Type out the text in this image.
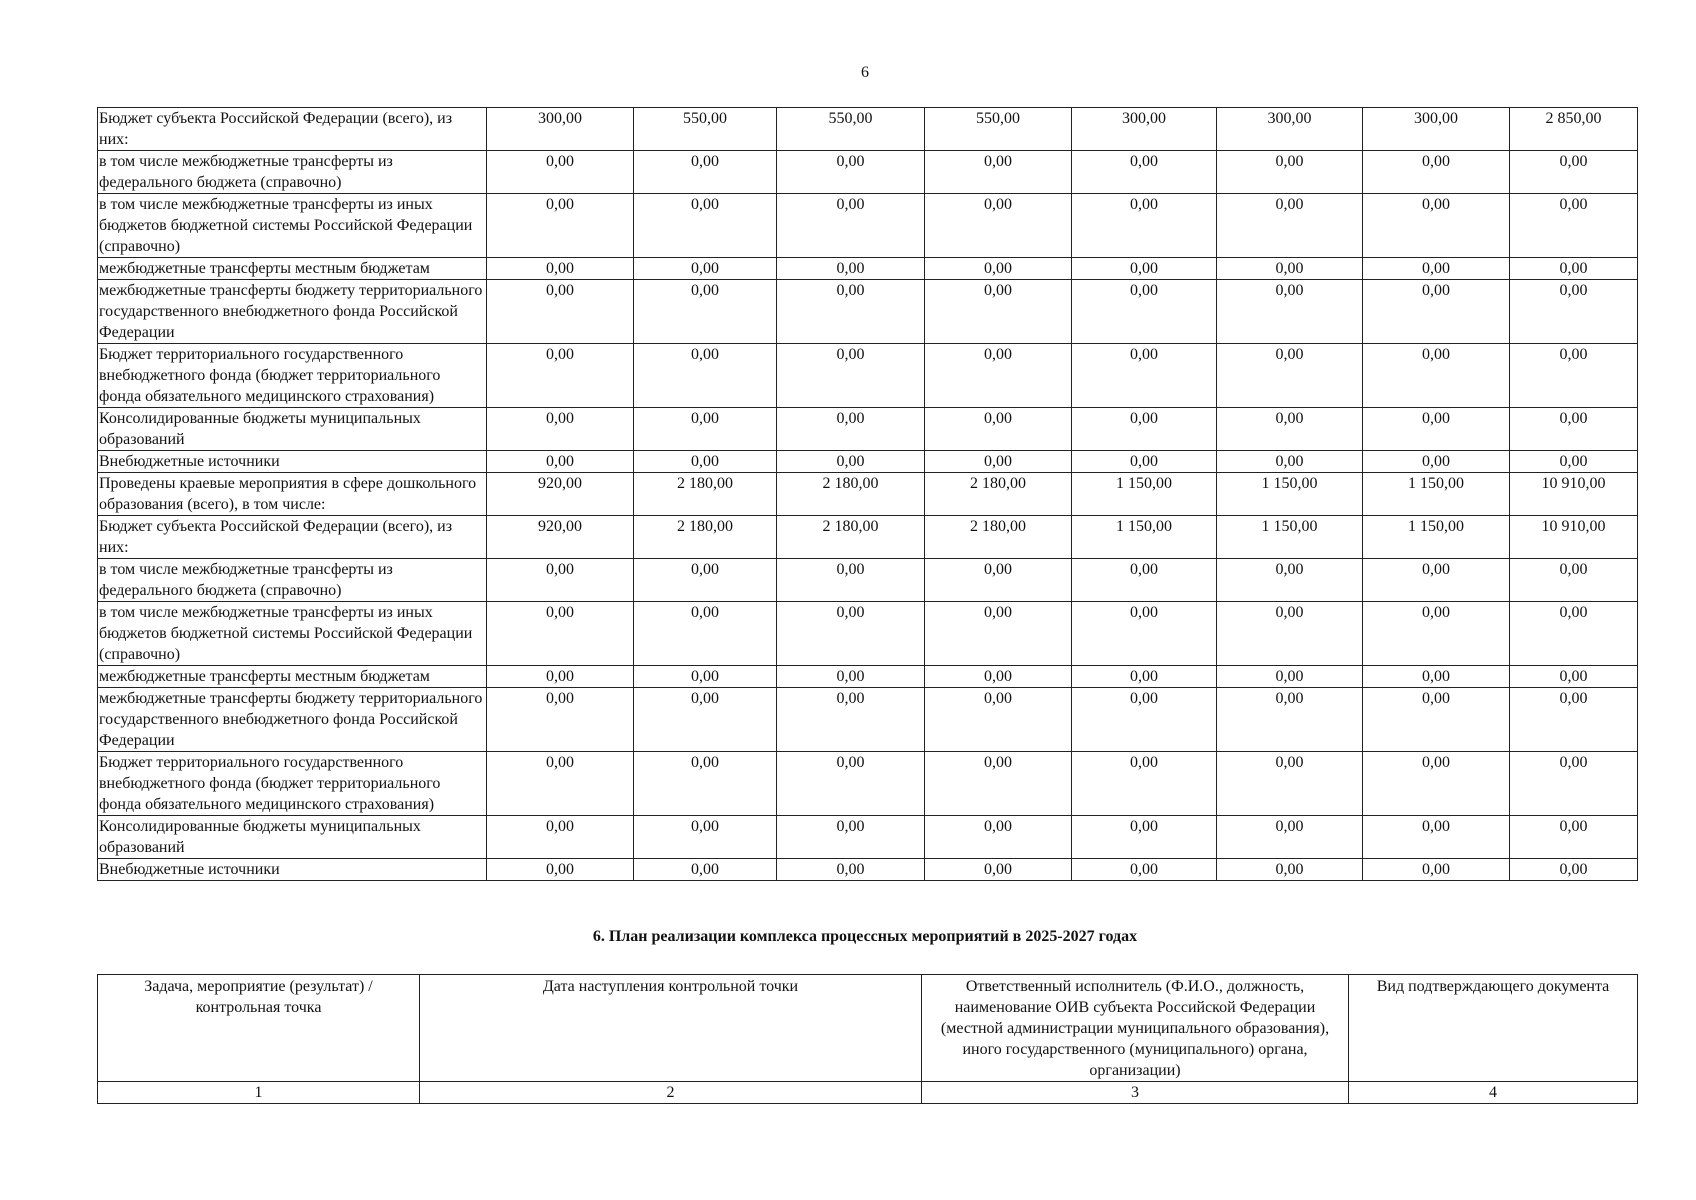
6
Бюджет субъекта Российской Федерации (всего), из них:	300,00	550,00	550,00	550,00	300,00	300,00	300,00	2 850,00
в том числе межбюджетные трансферты из федерального бюджета (справочно)	0,00	0,00	0,00	0,00	0,00	0,00	0,00	0,00
в том числе межбюджетные трансферты из иных бюджетов бюджетной системы Российской Федерации (справочно)	0,00	0,00	0,00	0,00	0,00	0,00	0,00	0,00
межбюджетные трансферты местным бюджетам	0,00	0,00	0,00	0,00	0,00	0,00	0,00	0,00
межбюджетные трансферты бюджету территориального государственного внебюджетного фонда Российской Федерации	0,00	0,00	0,00	0,00	0,00	0,00	0,00	0,00
Бюджет территориального государственного внебюджетного фонда (бюджет территориального фонда обязательного медицинского страхования)	0,00	0,00	0,00	0,00	0,00	0,00	0,00	0,00
Консолидированные бюджеты муниципальных образований	0,00	0,00	0,00	0,00	0,00	0,00	0,00	0,00
Внебюджетные источники	0,00	0,00	0,00	0,00	0,00	0,00	0,00	0,00
Проведены краевые мероприятия в сфере дошкольного образования (всего), в том числе:	920,00	2 180,00	2 180,00	2 180,00	1 150,00	1 150,00	1 150,00	10 910,00
Бюджет субъекта Российской Федерации (всего), из них:	920,00	2 180,00	2 180,00	2 180,00	1 150,00	1 150,00	1 150,00	10 910,00
в том числе межбюджетные трансферты из федерального бюджета (справочно)	0,00	0,00	0,00	0,00	0,00	0,00	0,00	0,00
в том числе межбюджетные трансферты из иных бюджетов бюджетной системы Российской Федерации (справочно)	0,00	0,00	0,00	0,00	0,00	0,00	0,00	0,00
межбюджетные трансферты местным бюджетам	0,00	0,00	0,00	0,00	0,00	0,00	0,00	0,00
межбюджетные трансферты бюджету территориального государственного внебюджетного фонда Российской Федерации	0,00	0,00	0,00	0,00	0,00	0,00	0,00	0,00
Бюджет территориального государственного внебюджетного фонда (бюджет территориального фонда обязательного медицинского страхования)	0,00	0,00	0,00	0,00	0,00	0,00	0,00	0,00
Консолидированные бюджеты муниципальных образований	0,00	0,00	0,00	0,00	0,00	0,00	0,00	0,00
Внебюджетные источники	0,00	0,00	0,00	0,00	0,00	0,00	0,00	0,00
6. План реализации комплекса процессных мероприятий в 2025-2027 годах
Задача, мероприятие (результат) / контрольная точка	Дата наступления контрольной точки	Ответственный исполнитель (Ф.И.О., должность, наименование ОИВ субъекта Российской Федерации (местной администрации муниципального образования), иного государственного (муниципального) органа, организации)	Вид подтверждающего документа
1	2	3	4
